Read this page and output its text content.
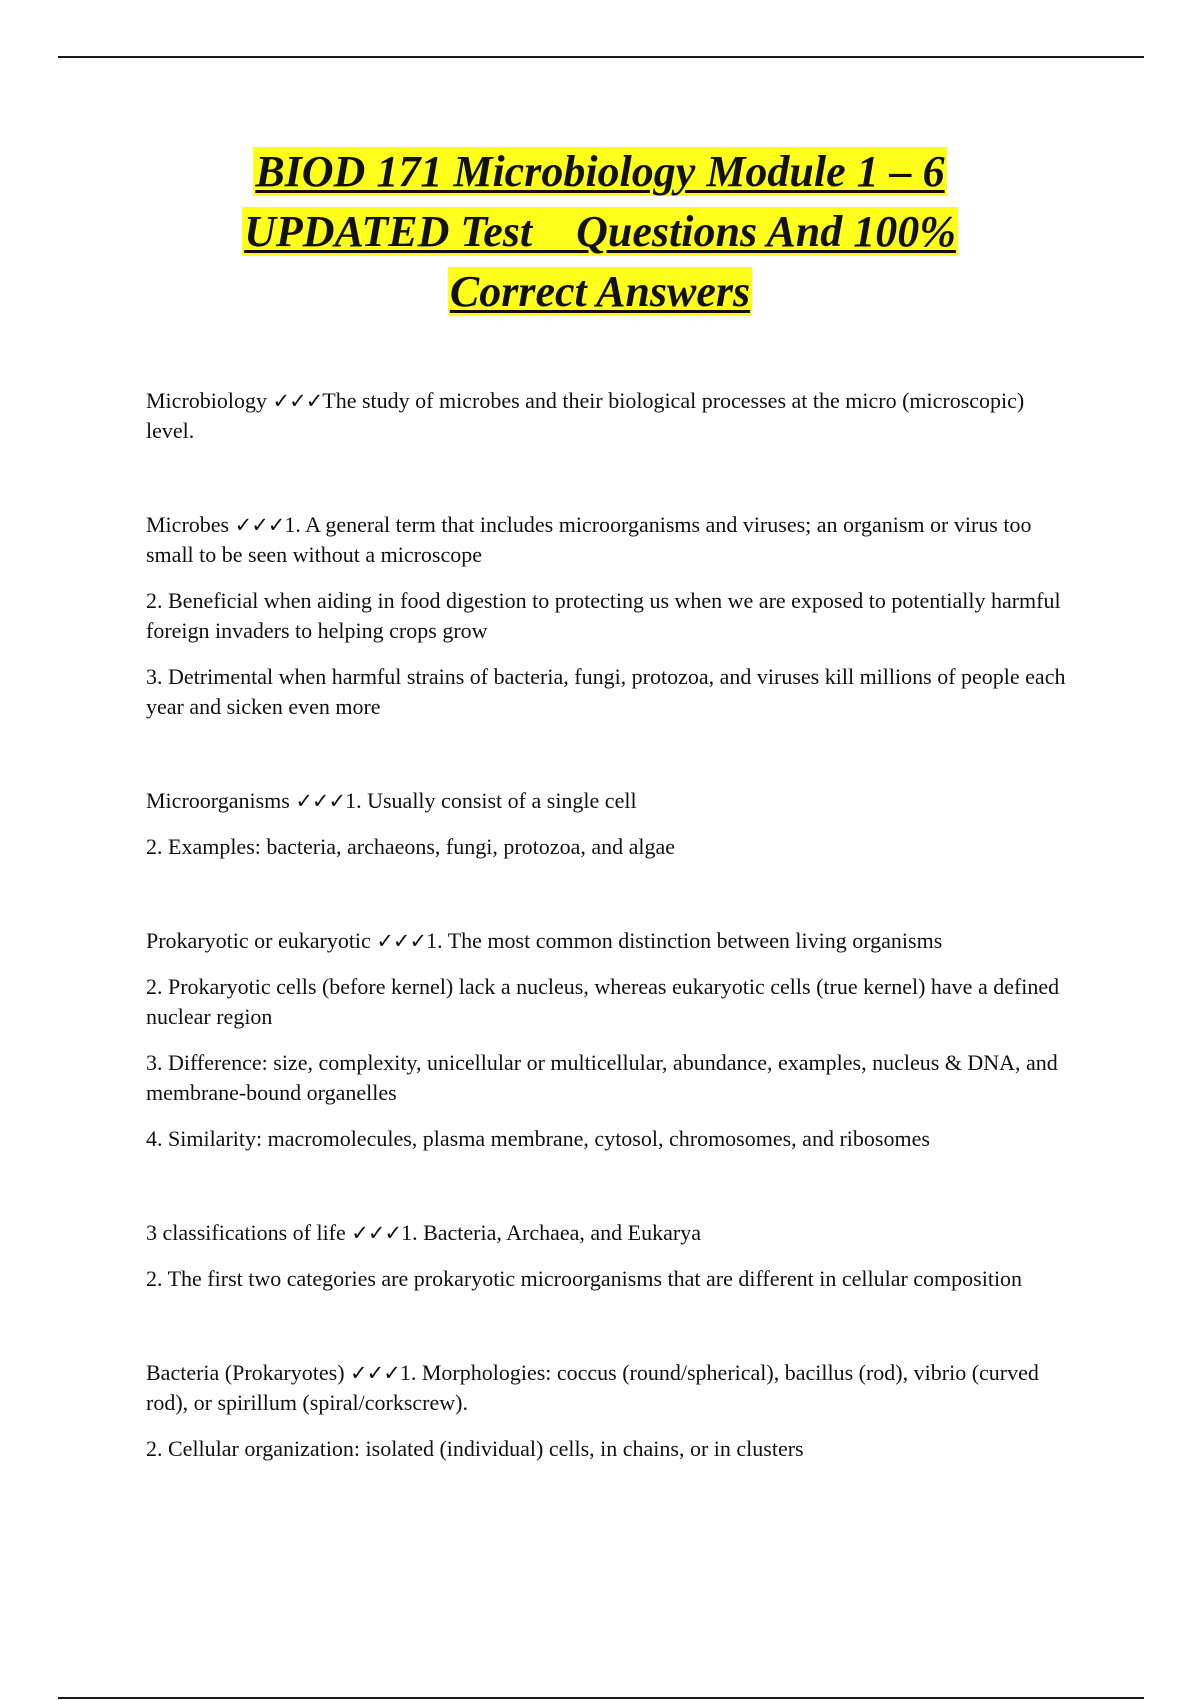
BIOD 171 Microbiology Module 1 – 6
UPDATED Test    Questions And 100%
Correct Answers

Microbiology ✓✓✓The study of microbes and their biological processes at the micro (microscopic) level.

Microbes ✓✓✓1. A general term that includes microorganisms and viruses; an organism or virus too small to be seen without a microscope

2. Beneficial when aiding in food digestion to protecting us when we are exposed to potentially harmful foreign invaders to helping crops grow

3. Detrimental when harmful strains of bacteria, fungi, protozoa, and viruses kill millions of people each year and sicken even more

Microorganisms ✓✓✓1. Usually consist of a single cell

2. Examples: bacteria, archaeons, fungi, protozoa, and algae

Prokaryotic or eukaryotic ✓✓✓1. The most common distinction between living organisms

2. Prokaryotic cells (before kernel) lack a nucleus, whereas eukaryotic cells (true kernel) have a defined nuclear region

3. Difference: size, complexity, unicellular or multicellular, abundance, examples, nucleus & DNA, and membrane-bound organelles

4. Similarity: macromolecules, plasma membrane, cytosol, chromosomes, and ribosomes

3 classifications of life ✓✓✓1. Bacteria, Archaea, and Eukarya

2. The first two categories are prokaryotic microorganisms that are different in cellular composition

Bacteria (Prokaryotes) ✓✓✓1. Morphologies: coccus (round/spherical), bacillus (rod), vibrio (curved rod), or spirillum (spiral/corkscrew).

2. Cellular organization: isolated (individual) cells, in chains, or in clusters
